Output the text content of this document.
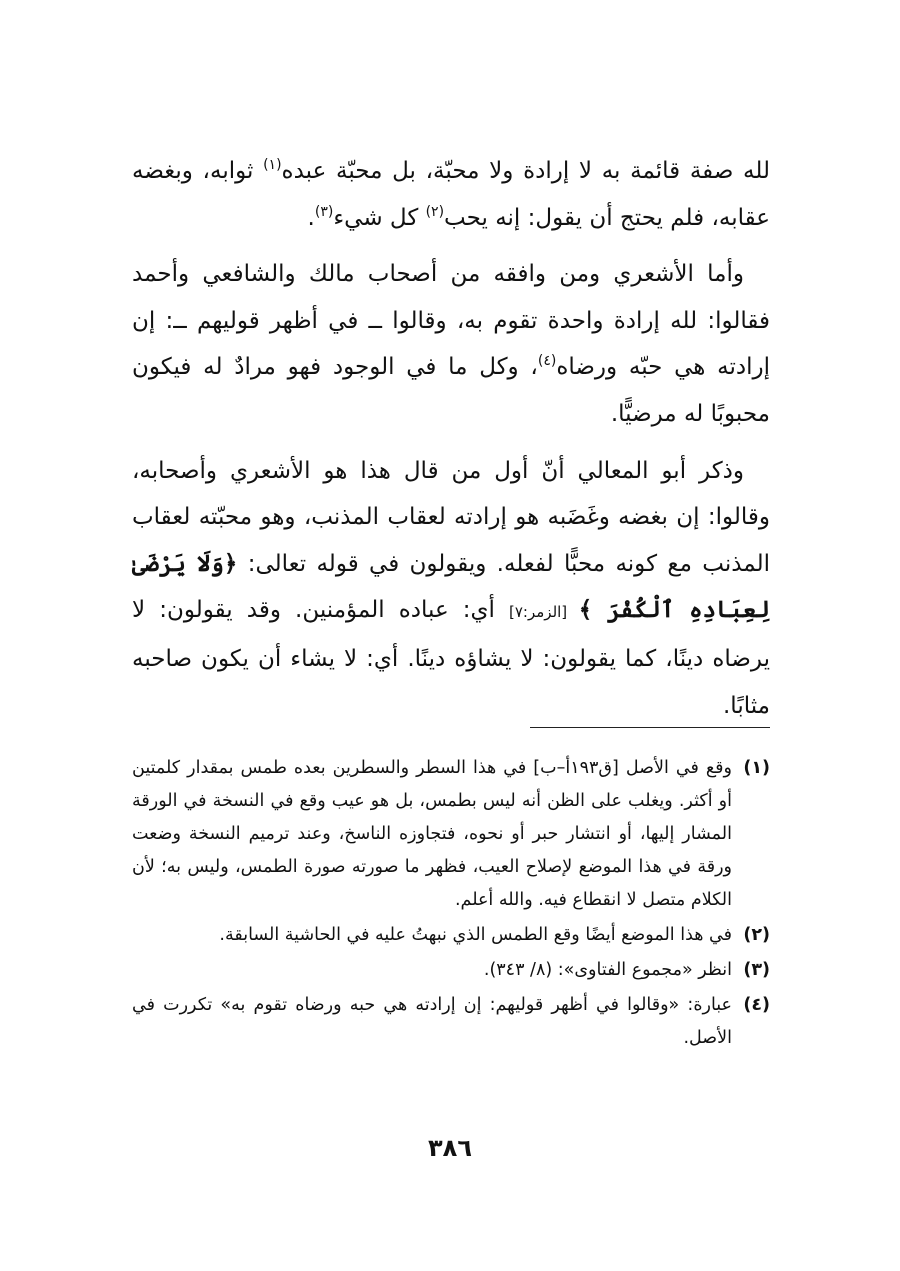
لله صفة قائمة به لا إرادة ولا محبّة، بل محبّة عبده$^{(١)}$ ثوابه، وبغضه عقابه، فلم يحتج أن يقول: إنه يحب$^{(٢)}$ كل شيء$^{(٣)}$.

وأما الأشعري ومن وافقه من أصحاب مالك والشافعي وأحمد فقالوا: لله إرادة واحدة تقوم به، وقالوا ــ في أظهر قوليهم ــ: إن إرادته هي حبّه ورضاه$^{(٤)}$، وكل ما في الوجود فهو مرادٌ له فيكون محبوبًا له مرضيًّا.

وذكر أبو المعالي أنّ أول من قال هذا هو الأشعري وأصحابه، وقالوا: إن بغضه وغَضَبه هو إرادته لعقاب المذنب، وهو محبّته لعقاب المذنب مع كونه محبًّا لفعله. ويقولون في قوله تعالى: ﴿وَلَا يَرْضَىٰ لِعِبَادِهِ ٱلْكُفْرَ ﴾ [الزمر:٧] أي: عباده المؤمنين. وقد يقولون: لا يرضاه دينًا، كما يقولون: لا يشاؤه دينًا. أي: لا يشاء أن يكون صاحبه مثابًا.

(١)
وقع في الأصل [ق١٩٣أ–ب] في هذا السطر والسطرين بعده طمس بمقدار كلمتين أو أكثر. ويغلب على الظن أنه ليس بطمس، بل هو عيب وقع في النسخة في الورقة المشار إليها، أو انتشار حبر أو نحوه، فتجاوزه الناسخ، وعند ترميم النسخة وضعت ورقة في هذا الموضع لإصلاح العيب، فظهر ما صورته صورة الطمس، وليس به؛ لأن الكلام متصل لا انقطاع فيه. والله أعلم.
(٢)
في هذا الموضع أيضًا وقع الطمس الذي نبهتُ عليه في الحاشية السابقة.
(٣)
انظر «مجموع الفتاوى»: (٨/ ٣٤٣).
(٤)
عبارة: «وقالوا في أظهر قوليهم: إن إرادته هي حبه ورضاه تقوم به» تكررت في الأصل.
٣٨٦
